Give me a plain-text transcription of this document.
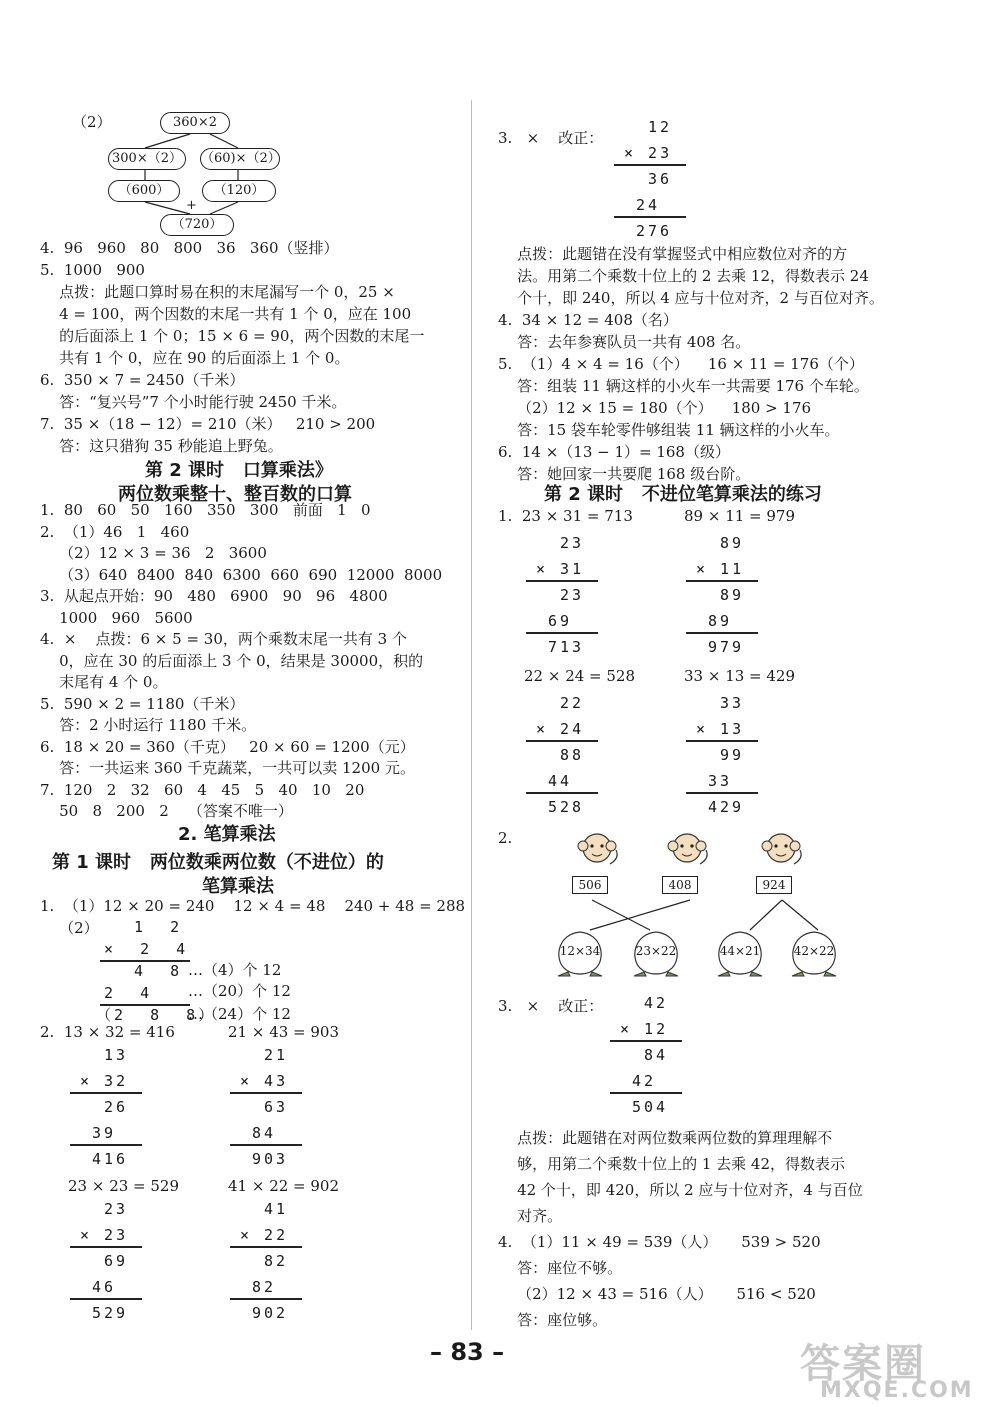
（2）	360×2
300×（2）	（60)×（2）
（600）	（120）
+
（720）
4.  96   960   80   800   36   360（竖排）
5.  1000   900
点拨：此题口算时易在积的末尾漏写一个 0，25 ×
4 = 100，两个因数的末尾一共有 1 个 0，应在 100
的后面添上 1 个 0；15 × 6 = 90，两个因数的末尾一
共有 1 个 0，应在 90 的后面添上 1 个 0。
6.  350 × 7 = 2450（千米）
答：“复兴号”7 个小时能行驶 2450 千米。
7.  35 ×（18 − 12）= 210（米）   210 > 200
答：这只猎狗 35 秒能追上野兔。
第 2 课时   口算乘法》
两位数乘整十、整百数的口算
1.  80   60   50   160   350   300   前面   1   0
2.  （1）46   1   460
（2）12 × 3 = 36   2   3600
（3）640  8400  840  6300  660  690  12000  8000
3.  从起点开始：90   480   6900   90   96   4800
1000   960   5600
4.  ×    点拨：6 × 5 = 30，两个乘数末尾一共有 3 个
0，应在 30 的后面添上 3 个 0，结果是 30000，积的
末尾有 4 个 0。
5.  590 × 2 = 1180（千米）
答：2 小时运行 1180 千米。
6.  18 × 20 = 360（千克）   20 × 60 = 1200（元）
答：一共运来 360 千克蔬菜，一共可以卖 1200 元。
7.  120   2   32   60   4   45   5   40   10   20
50   8   200   2    （答案不唯一）
2. 笔算乘法
第 1 课时   两位数乘两位数（不进位）的
笔算乘法
1.  （1）12 × 20 = 240    12 × 4 = 48    240 + 48 = 288
（2） 1  2
×  2  4
4  8 …（4）个 12
2  4 …（20）个 12
（2  8  8）
…（24）个 12
2.  13 × 32 = 416	21 × 43 = 903
23 × 23 = 529	41 × 22 = 902
13
× 32
26
39
416
21
× 43
63
84
903
23
× 23
69
46
529
41
× 22
82
82
902
12
× 23
36
24
276
23
× 31
23
69
713
89
× 11
89
89
979
22
× 24
88
44
528
33
× 13
99
33
429
42
× 12
84
42
504
3.   ×    改正：
点拨：此题错在没有掌握竖式中相应数位对齐的方
法。用第二个乘数十位上的 2 去乘 12，得数表示 24
个十，即 240，所以 4 应与十位对齐，2 与百位对齐。
4.  34 × 12 = 408（名）
答：去年参赛队员一共有 408 名。
5.  （1）4 × 4 = 16（个）    16 × 11 = 176（个）
答：组装 11 辆这样的小火车一共需要 176 个车轮。
（2）12 × 15 = 180（个）    180 > 176
答：15 袋车轮零件够组装 11 辆这样的小火车。
6.  14 ×（13 − 1）= 168（级）
答：她回家一共要爬 168 级台阶。
第 2 课时   不进位笔算乘法的练习
1.  23 × 31 = 713	89 × 11 = 979
22 × 24 = 528	33 × 13 = 429
2.
506	408	924
12×34	23×22	44×21	42×22
3.   ×    改正：
点拨：此题错在对两位数乘两位数的算理理解不
够，用第二个乘数十位上的 1 去乘 42，得数表示
42 个十，即 420，所以 2 应与十位对齐，4 与百位
对齐。
4.  （1）11 × 49 = 539（人）     539 > 520
答：座位不够。
（2）12 × 43 = 516（人）     516 < 520
答：座位够。
– 83 –	答案圈
MXQE.COM
